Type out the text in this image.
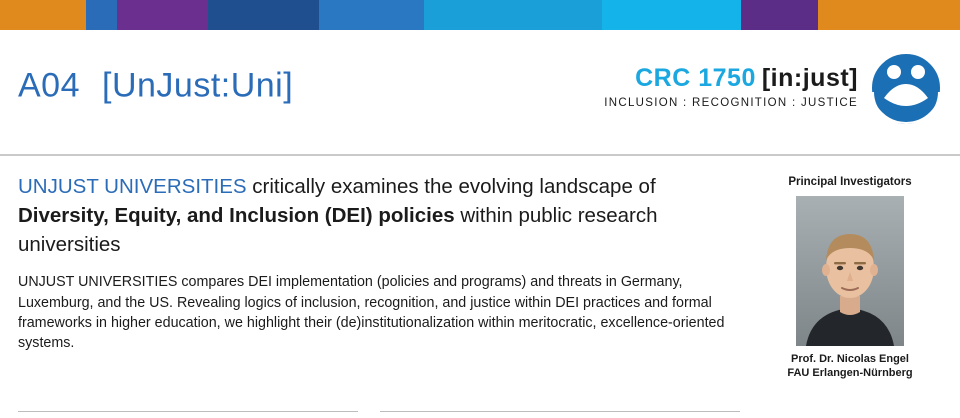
A04 [UnJust:Uni]	CRC 1750 [in:just]
INCLUSION : RECOGNITION : JUSTICE
UNJUST UNIVERSITIES critically examines the evolving landscape of Diversity, Equity, and Inclusion (DEI) policies within public research universities
UNJUST UNIVERSITIES compares DEI implementation (policies and programs) and threats in Germany, Luxemburg, and the US. Revealing logics of inclusion, recognition, and justice within DEI practices and formal frameworks in higher education, we highlight their (de)institutionalization within meritocratic, excellence-oriented systems.
Principal Investigators
Prof. Dr. Nicolas Engel
FAU Erlangen-Nürnberg
